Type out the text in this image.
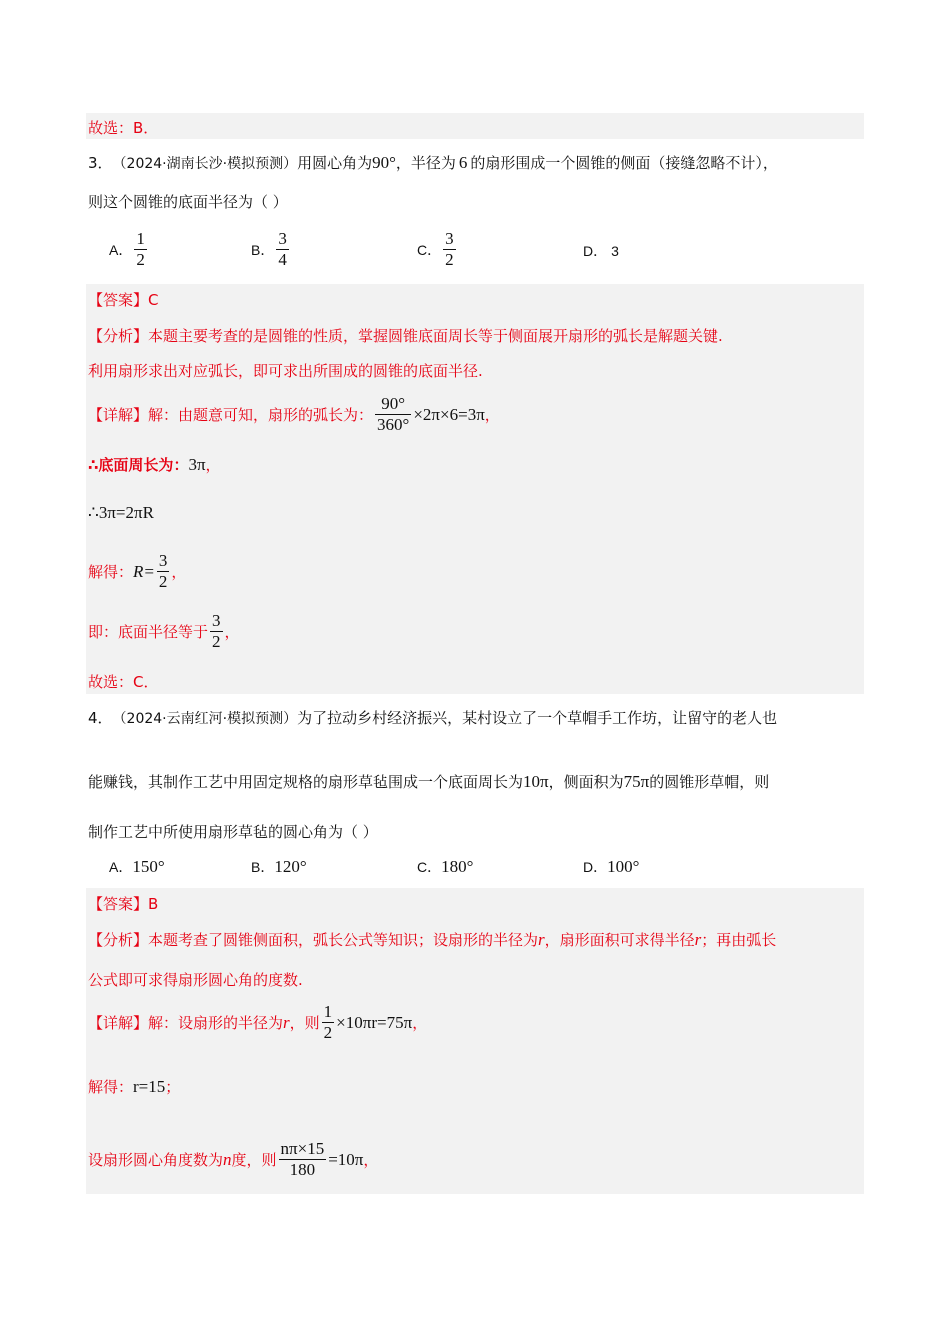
故选：B．
3． （2024·湖南长沙·模拟预测） 用圆心角为 90° ，半径为 6 的扇形围成一个圆锥的侧面（接缝忽略不计），
则这个圆锥的底面半径为（ ）
A． $\frac{1}{2}$	B． $\frac{3}{4}$	C． $\frac{3}{2}$	D． 3
【答案】C
【分析】本题主要考查的是圆锥的性质，掌握圆锥底面周长等于侧面展开扇形的弧长是解题关键.
利用扇形求出对应弧长，即可求出所围成的圆锥的底面半径.
【详解】 解：由题意可知，扇形的弧长为： $\frac{90^\circ}{360^\circ} \times 2\pi\times 6=3\pi$ ，
∴底面周长为： 3π ，
∴3π=2πR
解得： $R= \frac{3}{2}$ ，
即：底面半径等于 $\frac{3}{2}$ ，
故选：C．
4． （2024·云南红河·模拟预测） 为了拉动乡村经济振兴，某村设立了一个草帽手工作坊，让留守的老人也
能赚钱，其制作工艺中用固定规格的扇形草毡围成一个底面周长为 10π ，侧面积为 75π 的圆锥形草帽，则
制作工艺中所使用扇形草毡的圆心角为（ ）
A． 150°	B． 120°	C． 180°	D． 100°
【答案】B
【分析】 本题考查了圆锥侧面积，弧长公式等知识；设扇形的半径为 r ，扇形面积可求得半径 r ；再由弧长
公式即可求得扇形圆心角的度数.
【详解】 解：设扇形的半径为 r ，则 $\frac{1}{2} \times 10\pi r=75\pi$ ，
解得： r=15 ；
设扇形圆心角度数为 n 度，则 $\frac{n\pi\times 15}{180} =10\pi$ ，
